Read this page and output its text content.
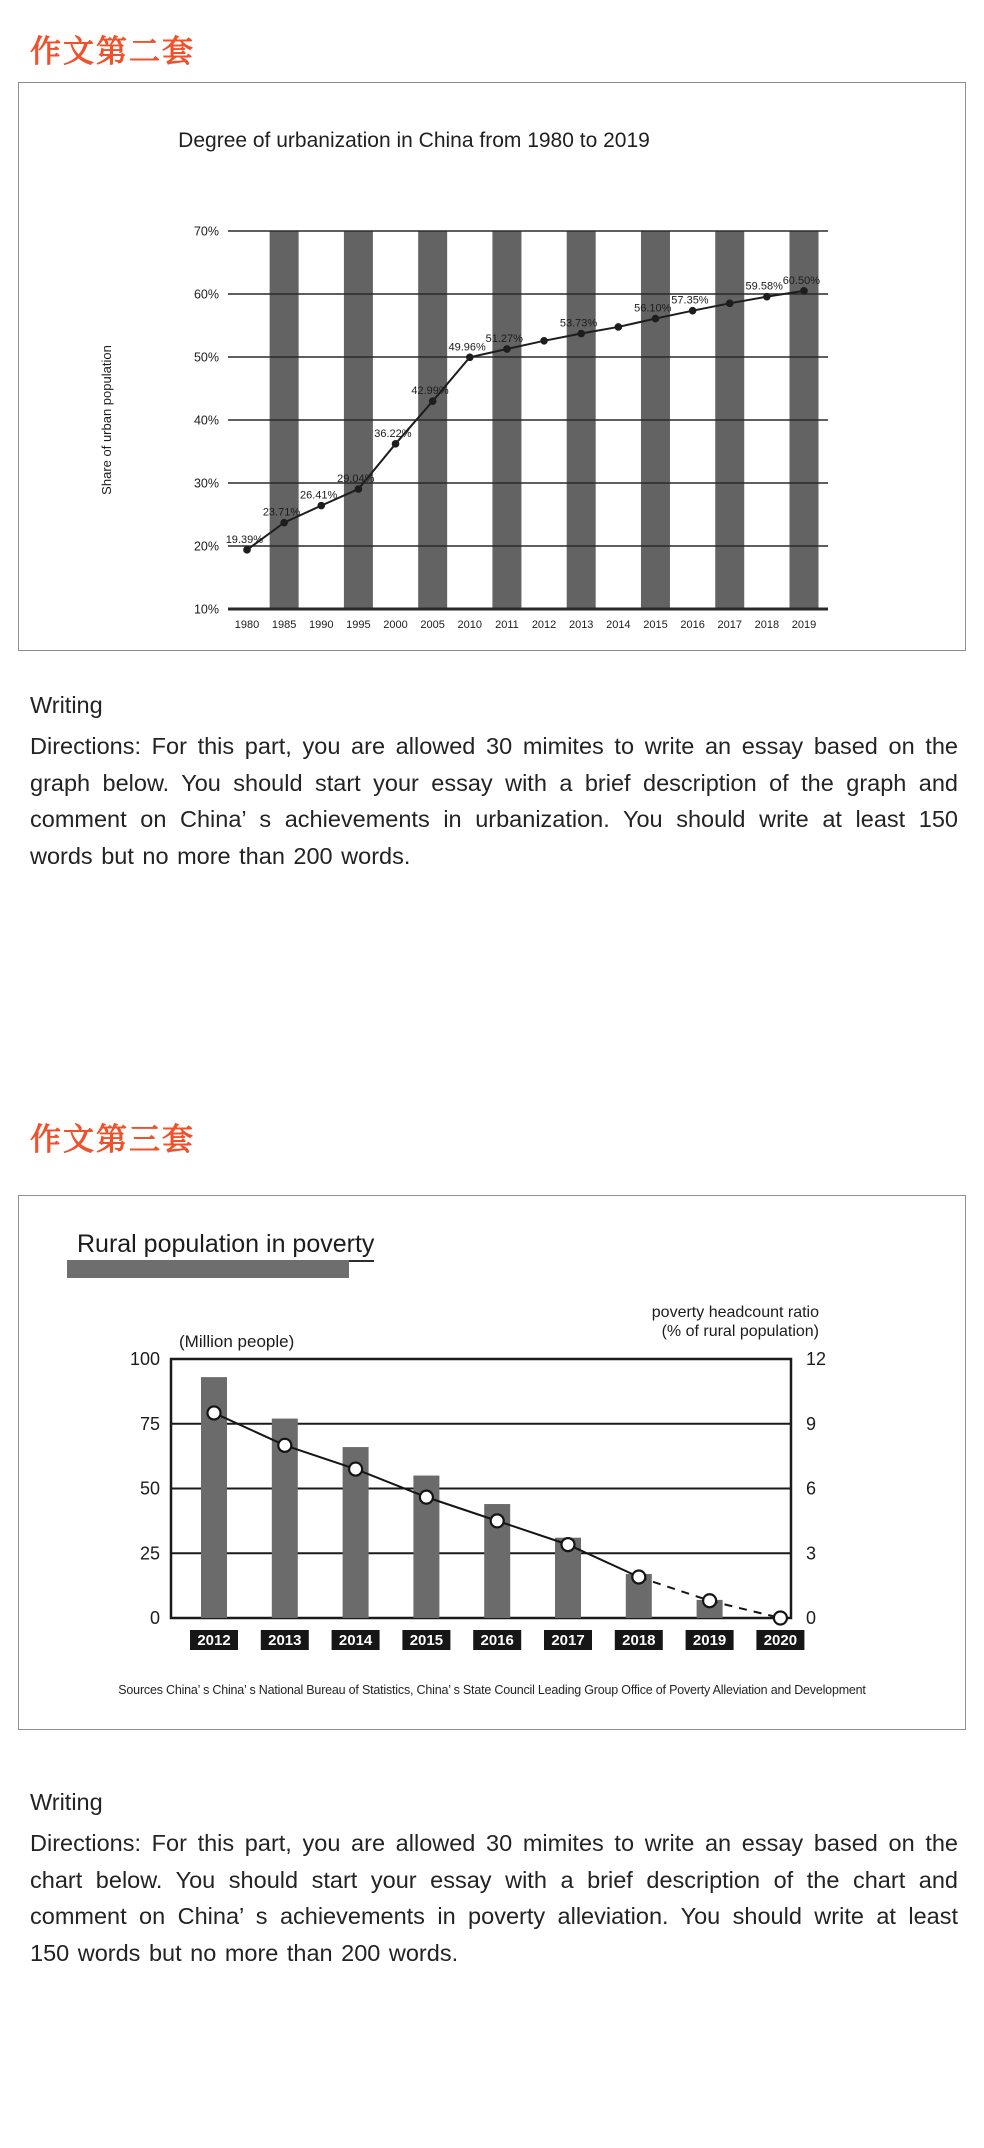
作文第二套
Degree of urbanization in China from 1980 to 2019
70%
60%
50%
40%
30%
20%
10%
19.39%
1980
23.71%
1985
26.41%
1990
29.04%
1995
36.22%
2000
42.99%
2005
49.96%
2010
51.27%
2011 2012
53.73%
2013 2014
56.10%
2015
57.35%
2016 2017
59.58%
2018
60.50%
2019
Share of urban population
Writing

Directions: For this part, you are allowed 30 mimites to write an essay based on the graph below. You should start your essay with a brief description of the graph and comment on China’ s achievements in urbanization. You should write at least 150 words but no more than 200 words.

作文第三套
100
75
50
25
0
12
9
6
3
0
2012 2013 2014 2015 2016 2017 2018 2019 2020
(Million people)
poverty headcount ratio
(% of rural population)
Rural population in poverty
Sources China’ s China’ s National Bureau of Statistics, China’ s State Council Leading Group Office of Poverty Alleviation and Development
Writing

Directions: For this part, you are allowed 30 mimites to write an essay based on the chart below. You should start your essay with a brief description of the chart and comment on China’ s achievements in poverty alleviation. You should write at least 150 words but no more than 200 words.
